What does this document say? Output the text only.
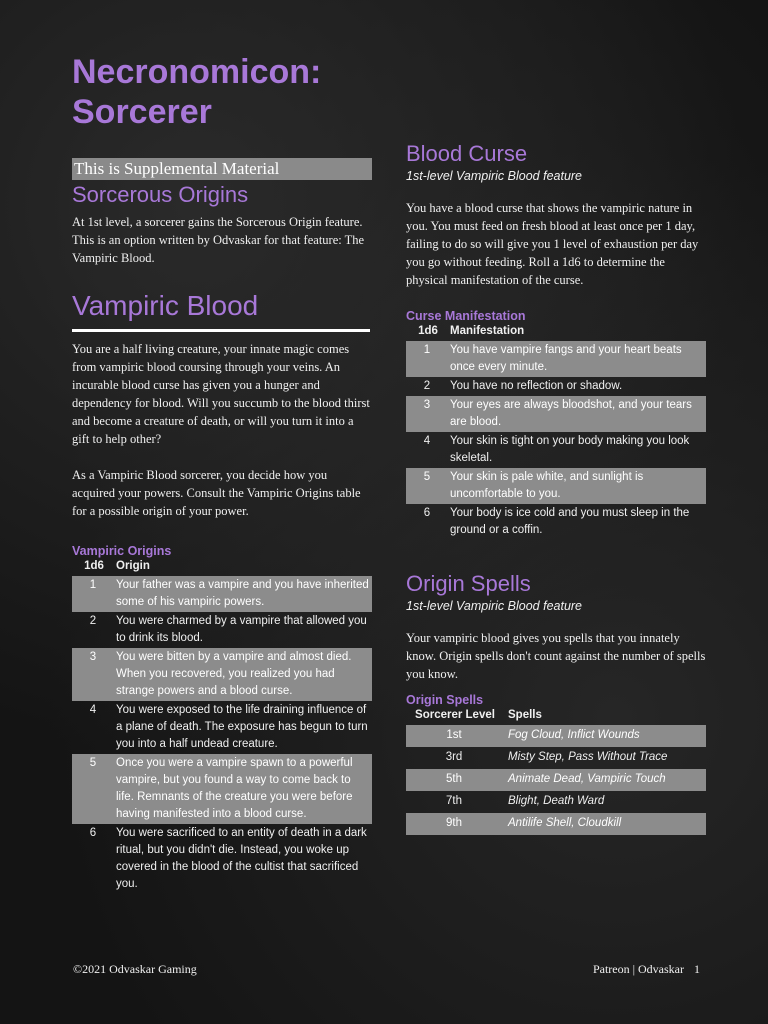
Necronomicon: Sorcerer
This is Supplemental Material
Sorcerous Origins

At 1st level, a sorcerer gains the Sorcerous Origin feature. This is an option written by Odvaskar for that feature: The Vampiric Blood.

Vampiric Blood

You are a half living creature, your innate magic comes from vampiric blood coursing through your veins. An incurable blood curse has given you a hunger and dependency for blood. Will you succumb to the blood thirst and become a creature of death, or will you turn it into a gift to help other?

As a Vampiric Blood sorcerer, you decide how you acquired your powers. Consult the Vampiric Origins table for a possible origin of your power.

Vampiric Origins

1d6	Origin
1	Your father was a vampire and you have inherited some of his vampiric powers.
2	You were charmed by a vampire that allowed you to drink its blood.
3	You were bitten by a vampire and almost died. When you recovered, you realized you had strange powers and a blood curse.
4	You were exposed to the life draining influence of a plane of death. The exposure has begun to turn you into a half undead creature.
5	Once you were a vampire spawn to a powerful vampire, but you found a way to come back to life. Remnants of the creature you were before having manifested into a blood curse.
6	You were sacrificed to an entity of death in a dark ritual, but you didn't die. Instead, you woke up covered in the blood of the cultist that sacrificed you.
Blood Curse

1st-level Vampiric Blood feature

You have a blood curse that shows the vampiric nature in you. You must feed on fresh blood at least once per 1 day, failing to do so will give you 1 level of exhaustion per day you go without feeding. Roll a 1d6 to determine the physical manifestation of the curse.

Curse Manifestation

1d6	Manifestation
1	You have vampire fangs and your heart beats once every minute.
2	You have no reflection or shadow.
3	Your eyes are always bloodshot, and your tears are blood.
4	Your skin is tight on your body making you look skeletal.
5	Your skin is pale white, and sunlight is uncomfortable to you.
6	Your body is ice cold and you must sleep in the ground or a coffin.
Origin Spells

1st-level Vampiric Blood feature

Your vampiric blood gives you spells that you innately know. Origin spells don't count against the number of spells you know.

Origin Spells

Sorcerer Level	Spells
1st	Fog Cloud, Inflict Wounds
3rd	Misty Step, Pass Without Trace
5th	Animate Dead, Vampiric Touch
7th	Blight, Death Ward
9th	Antilife Shell, Cloudkill
©2021 Odvaskar Gaming	Patreon | Odvaskar 1
